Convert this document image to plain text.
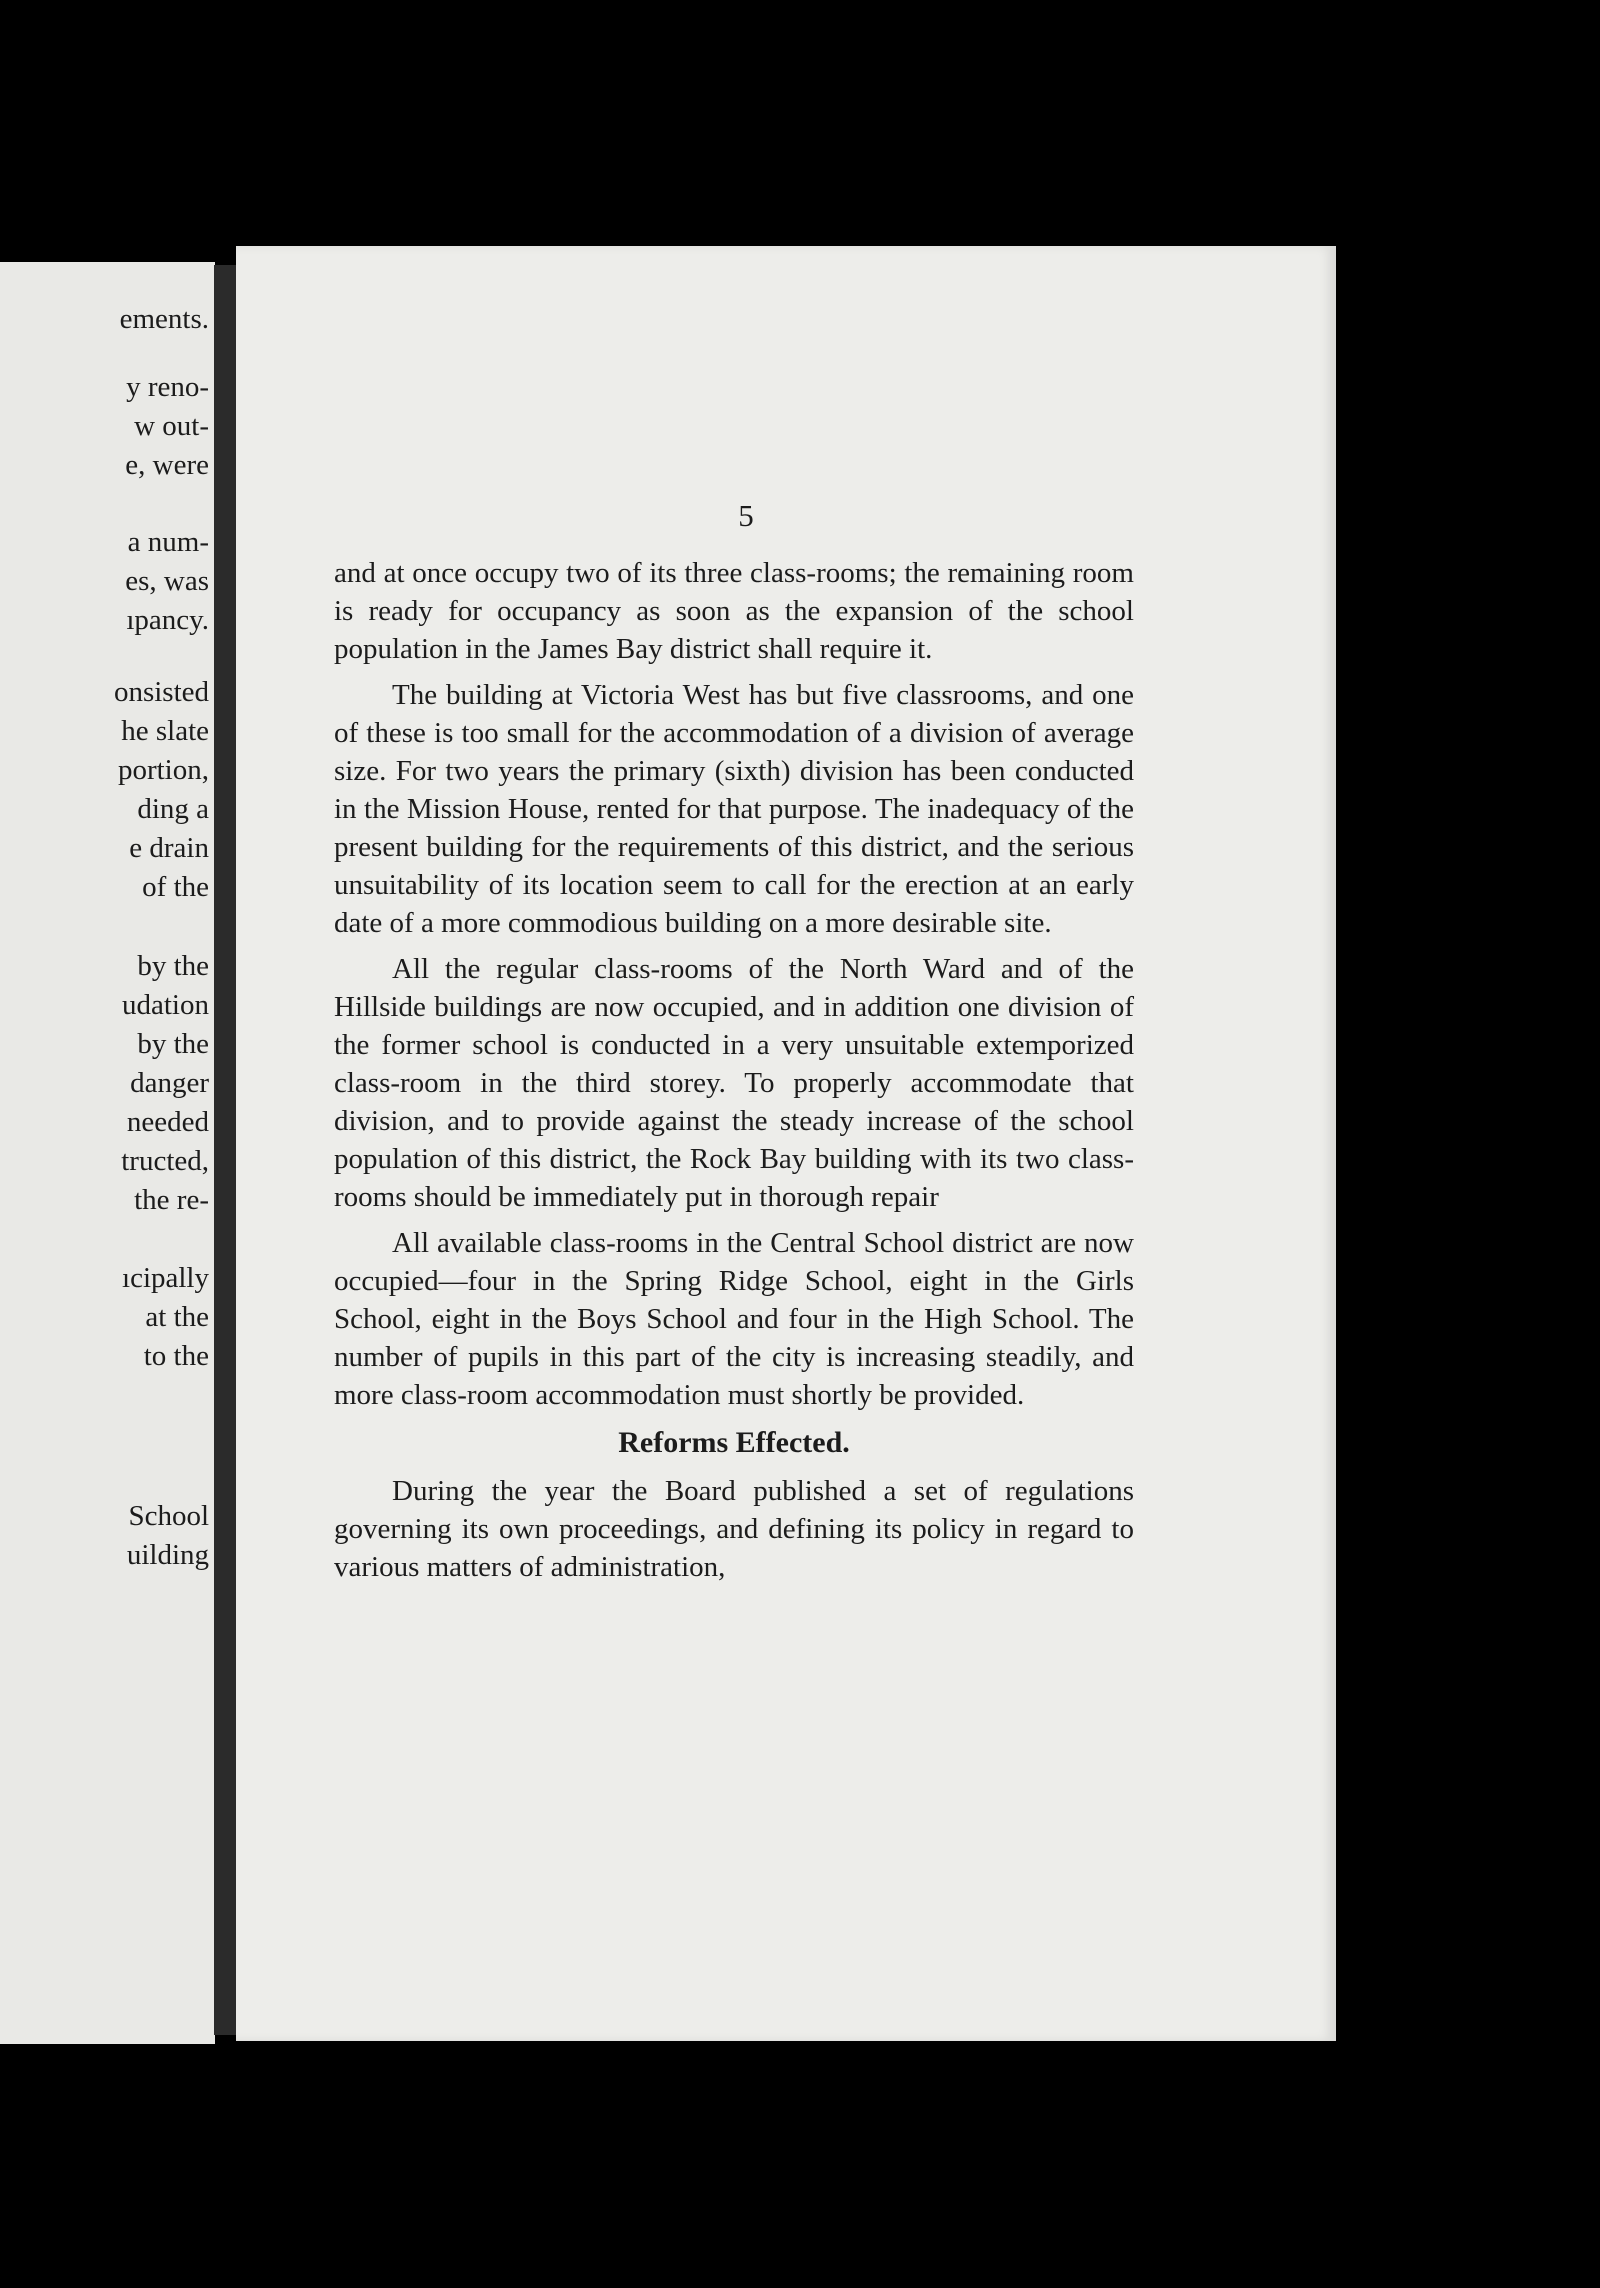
ements.
y reno-
w out-
e, were
a num-
es, was
ıpancy.
onsisted
he slate
portion,
ding a
e drain
of the
by the
udation
by the
danger
needed
tructed,
the re-
ıcipally
at the
to the
School
uilding
5

and at once occupy two of its three class-rooms; the remaining room is ready for occupancy as soon as the expansion of the school population in the James Bay district shall require it.

The building at Victoria West has but five classrooms, and one of these is too small for the accommodation of a division of average size. For two years the primary (sixth) division has been conducted in the Mission House, rented for that purpose. The inadequacy of the present building for the requirements of this district, and the serious unsuitability of its location seem to call for the erection at an early date of a more commodious building on a more desirable site.

All the regular class-rooms of the North Ward and of the Hillside buildings are now occupied, and in addition one division of the former school is conducted in a very unsuitable extemporized class-room in the third storey. To properly accommodate that division, and to provide against the steady increase of the school population of this district, the Rock Bay building with its two class-rooms should be immediately put in thorough repair

All available class-rooms in the Central School district are now occupied—four in the Spring Ridge School, eight in the Girls School, eight in the Boys School and four in the High School. The number of pupils in this part of the city is increasing steadily, and more class-room accommodation must shortly be provided.

Reforms Effected.

During the year the Board published a set of regulations governing its own proceedings, and defining its policy in regard to various matters of administration,
